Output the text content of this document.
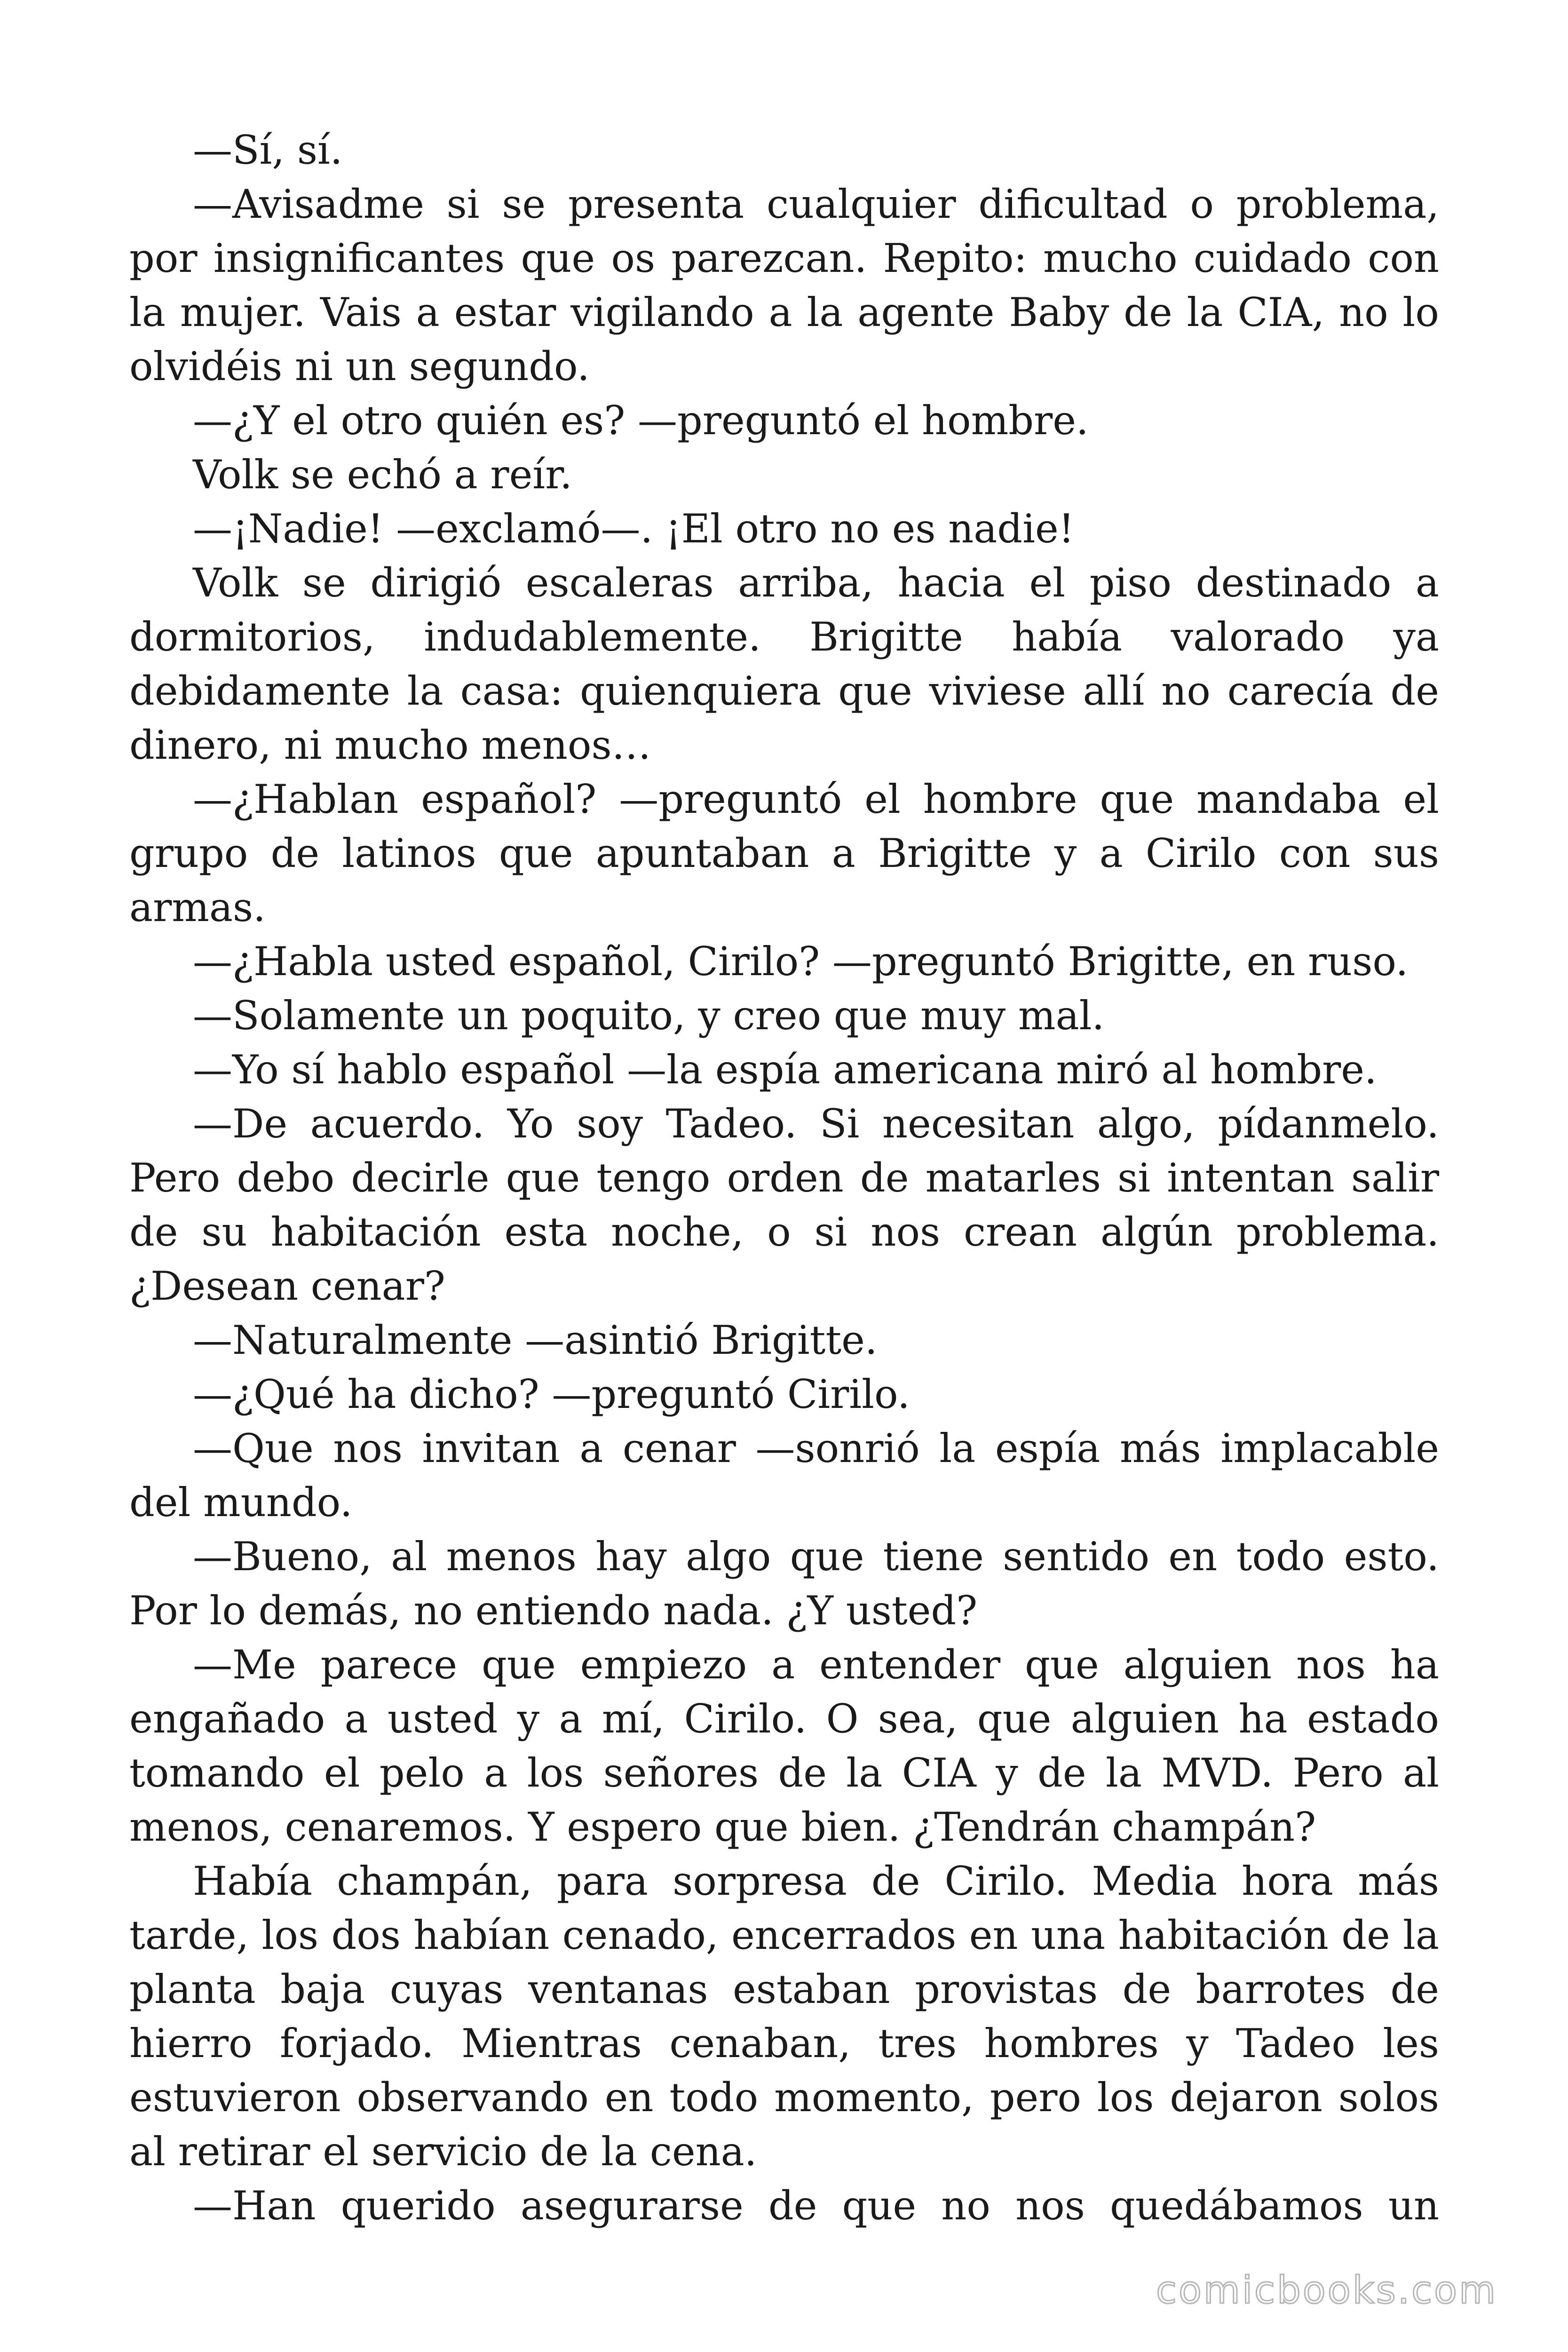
—Sí, sí.

—Avisadme si se presenta cualquier dificultad o problema, por insignificantes que os parezcan. Repito: mucho cuidado con la mujer. Vais a estar vigilando a la agente Baby de la CIA, no lo olvidéis ni un segundo.

—¿Y el otro quién es? —preguntó el hombre.

Volk se echó a reír.

—¡Nadie! —exclamó—. ¡El otro no es nadie!

Volk se dirigió escaleras arriba, hacia el piso destinado a dormitorios, indudablemente. Brigitte había valorado ya debidamente la casa: quienquiera que viviese allí no carecía de dinero, ni mucho menos…

—¿Hablan español? —preguntó el hombre que mandaba el grupo de latinos que apuntaban a Brigitte y a Cirilo con sus armas.

—¿Habla usted español, Cirilo? —preguntó Brigitte, en ruso.

—Solamente un poquito, y creo que muy mal.

—Yo sí hablo español —la espía americana miró al hombre.

—De acuerdo. Yo soy Tadeo. Si necesitan algo, pídanmelo. Pero debo decirle que tengo orden de matarles si intentan salir de su habitación esta noche, o si nos crean algún problema. ¿Desean cenar?

—Naturalmente —asintió Brigitte.

—¿Qué ha dicho? —preguntó Cirilo.

—Que nos invitan a cenar —sonrió la espía más implacable del mundo.

—Bueno, al menos hay algo que tiene sentido en todo esto. Por lo demás, no entiendo nada. ¿Y usted?

—Me parece que empiezo a entender que alguien nos ha engañado a usted y a mí, Cirilo. O sea, que alguien ha estado tomando el pelo a los señores de la CIA y de la MVD. Pero al menos, cenaremos. Y espero que bien. ¿Tendrán champán?

Había champán, para sorpresa de Cirilo. Media hora más tarde, los dos habían cenado, encerrados en una habitación de la planta baja cuyas ventanas estaban provistas de barrotes de hierro forjado. Mientras cenaban, tres hombres y Tadeo les estuvieron observando en todo momento, pero los dejaron solos al retirar el servicio de la cena.

—Han querido asegurarse de que no nos quedábamos un

comicbooks.com
